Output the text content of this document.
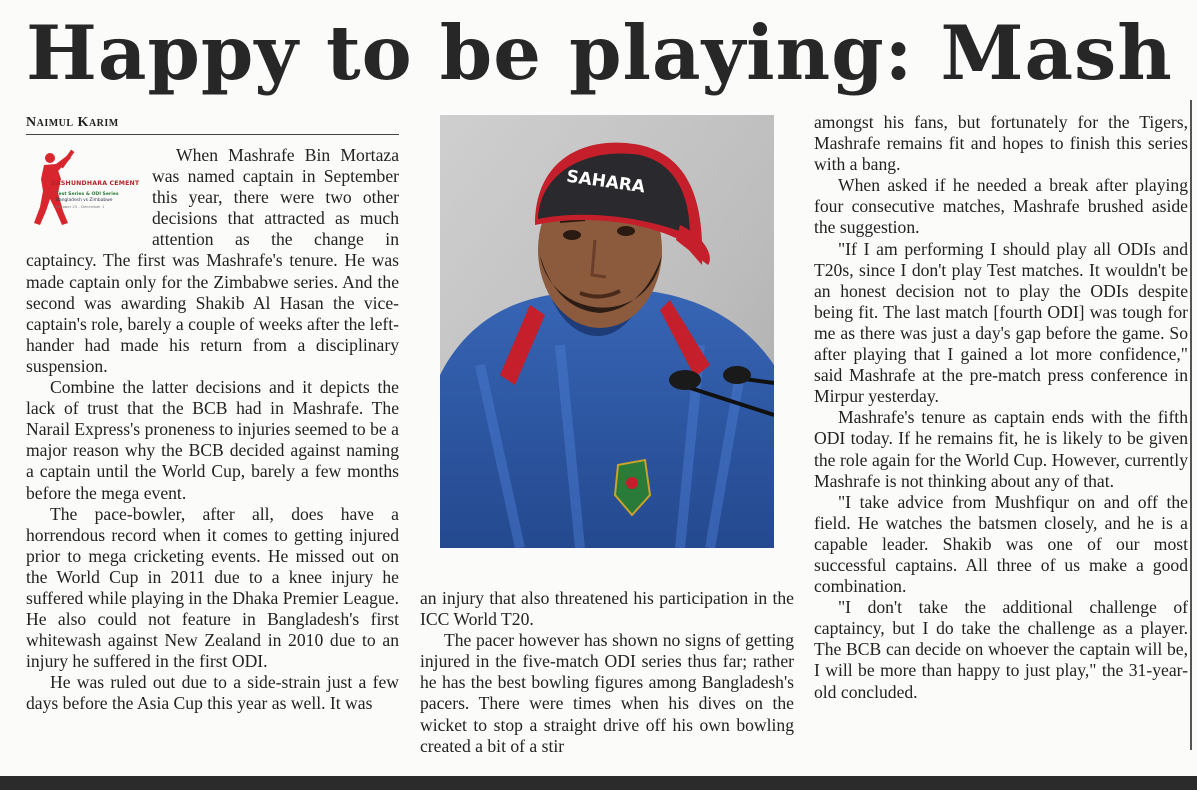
Happy to be playing: Mash
Naimul Karim
BASHUNDHARA CEMENT
Test Series & ODI Series
Bangladesh vs Zimbabwe
October 25 - December 1

When Mashrafe Bin Mortaza was named captain in September this year, there were two other decisions that attracted as much attention as the change in captaincy. The first was Mashrafe's tenure. He was made captain only for the Zimbabwe series. And the second was awarding Shakib Al Hasan the vice-captain's role, barely a couple of weeks after the left-hander had made his return from a disciplinary suspension.

Combine the latter decisions and it depicts the lack of trust that the BCB had in Mashrafe. The Narail Express's proneness to injuries seemed to be a major reason why the BCB decided against naming a captain until the World Cup, barely a few months before the mega event.

The pace-bowler, after all, does have a horrendous record when it comes to getting injured prior to mega cricketing events. He missed out on the World Cup in 2011 due to a knee injury he suffered while playing in the Dhaka Premier League. He also could not feature in Bangladesh's first whitewash against New Zealand in 2010 due to an injury he suffered in the first ODI.

He was ruled out due to a side-strain just a few days before the Asia Cup this year as well. It was

SAHARA

an injury that also threatened his participation in the ICC World T20.

The pacer however has shown no signs of getting injured in the five-match ODI series thus far; rather he has the best bowling figures among Bangladesh's pacers. There were times when his dives on the wicket to stop a straight drive off his own bowling created a bit of a stir

amongst his fans, but fortunately for the Tigers, Mashrafe remains fit and hopes to finish this series with a bang.

When asked if he needed a break after playing four consecutive matches, Mashrafe brushed aside the suggestion.

"If I am performing I should play all ODIs and T20s, since I don't play Test matches. It wouldn't be an honest decision not to play the ODIs despite being fit. The last match [fourth ODI] was tough for me as there was just a day's gap before the game. So after playing that I gained a lot more confidence," said Mashrafe at the pre-match press conference in Mirpur yesterday.

Mashrafe's tenure as captain ends with the fifth ODI today. If he remains fit, he is likely to be given the role again for the World Cup. However, currently Mashrafe is not thinking about any of that.

"I take advice from Mushfiqur on and off the field. He watches the batsmen closely, and he is a capable leader. Shakib was one of our most successful captains. All three of us make a good combination.

"I don't take the additional challenge of captaincy, but I do take the challenge as a player. The BCB can decide on whoever the captain will be, I will be more than happy to just play," the 31-year-old concluded.
